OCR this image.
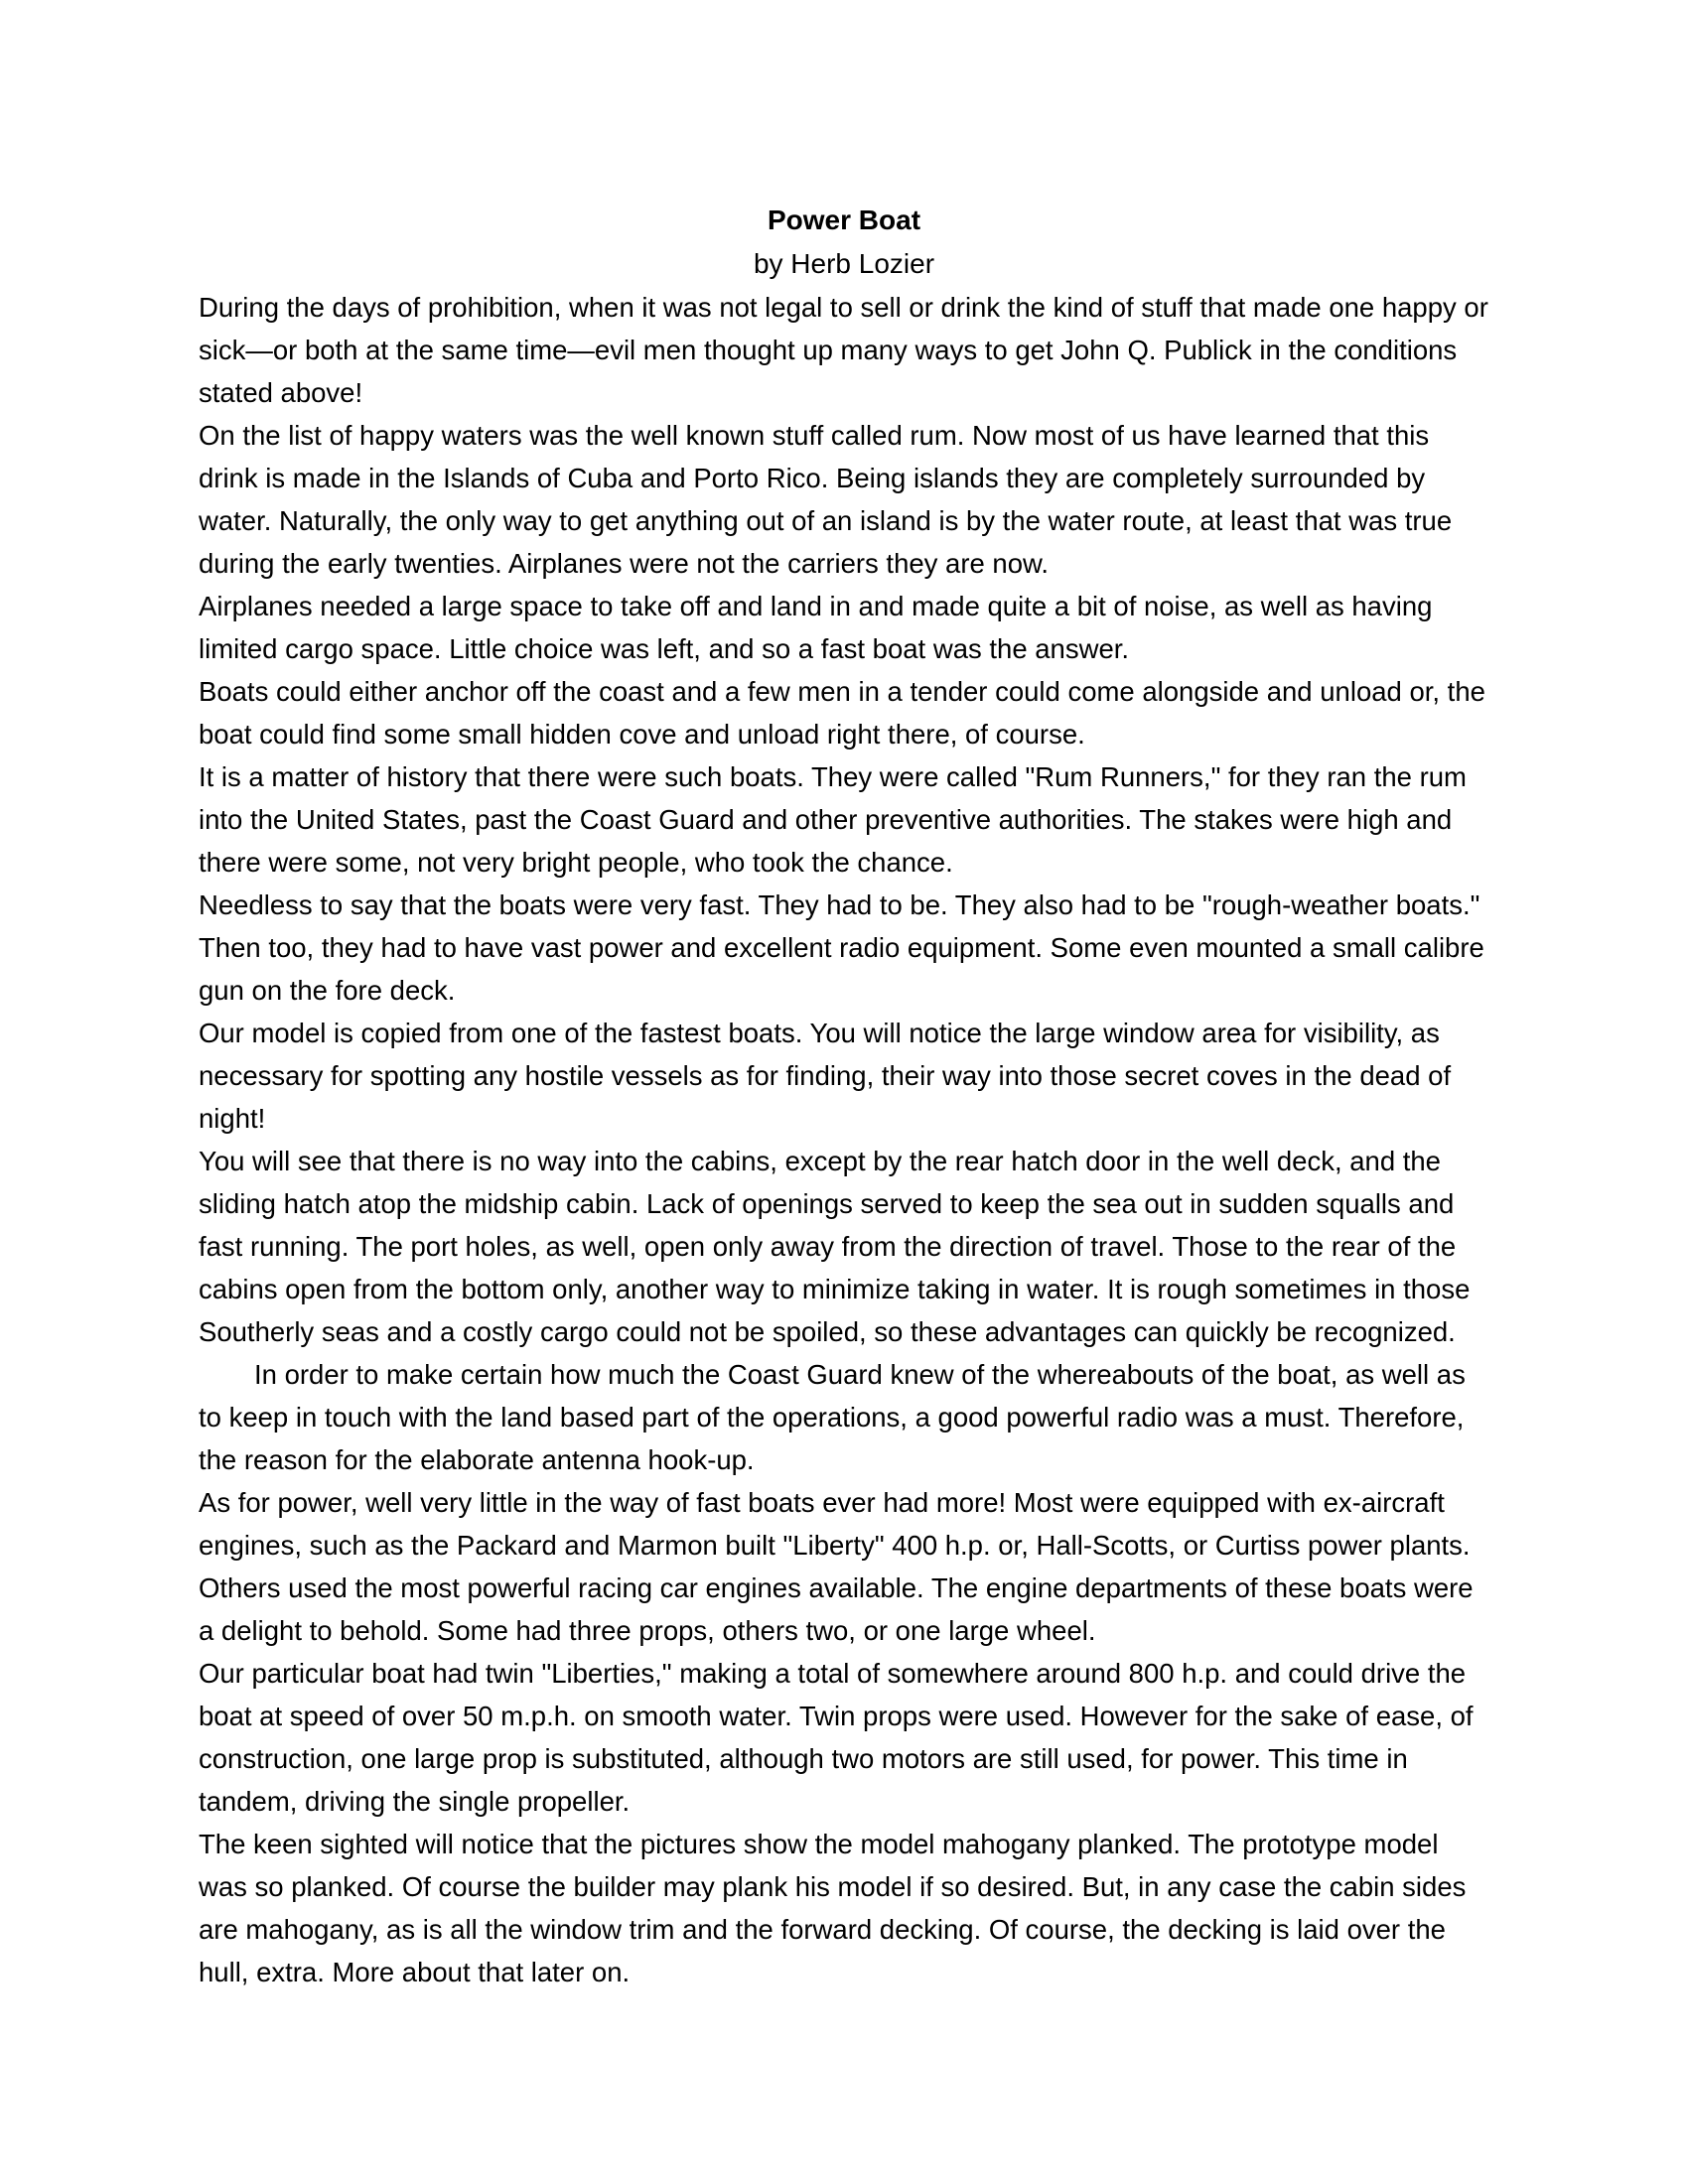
Power Boat
by Herb Lozier

During the days of prohibition, when it was not legal to sell or drink the kind of stuff that made one happy or sick—or both at the same time—evil men thought up many ways to get John Q. Publick in the conditions stated above!

On the list of happy waters was the well known stuff called rum. Now most of us have learned that this drink is made in the Islands of Cuba and Porto Rico. Being islands they are completely surrounded by water. Naturally, the only way to get anything out of an island is by the water route, at least that was true during the early twenties. Airplanes were not the carriers they are now.

Airplanes needed a large space to take off and land in and made quite a bit of noise, as well as having limited cargo space. Little choice was left, and so a fast boat was the answer.

Boats could either anchor off the coast and a few men in a tender could come alongside and unload or, the boat could find some small hidden cove and unload right there, of course.

It is a matter of history that there were such boats. They were called "Rum Runners," for they ran the rum into the United States, past the Coast Guard and other preventive authorities. The stakes were high and there were some, not very bright people, who took the chance.

Needless to say that the boats were very fast. They had to be. They also had to be "rough-weather boats." Then too, they had to have vast power and excellent radio equipment. Some even mounted a small calibre gun on the fore deck.

Our model is copied from one of the fastest boats. You will notice the large window area for visibility, as necessary for spotting any hostile vessels as for finding, their way into those secret coves in the dead of night!

You will see that there is no way into the cabins, except by the rear hatch door in the well deck, and the sliding hatch atop the midship cabin. Lack of openings served to keep the sea out in sudden squalls and fast running. The port holes, as well, open only away from the direction of travel. Those to the rear of the cabins open from the bottom only, another way to minimize taking in water. It is rough sometimes in those Southerly seas and a costly cargo could not be spoiled, so these advantages can quickly be recognized.In order to make certain how much the Coast Guard knew of the whereabouts of the boat, as well as to keep in touch with the land based part of the operations, a good powerful radio was a must. Therefore, the reason for the elaborate antenna hook-up.

As for power, well very little in the way of fast boats ever had more! Most were equipped with ex-aircraft engines, such as the Packard and Marmon built "Liberty" 400 h.p. or, Hall-Scotts, or Curtiss power plants. Others used the most powerful racing car engines available. The engine departments of these boats were a delight to behold. Some had three props, others two, or one large wheel.

Our particular boat had twin "Liberties," making a total of somewhere around 800 h.p. and could drive the boat at speed of over 50 m.p.h. on smooth water. Twin props were used. However for the sake of ease, of construction, one large prop is substituted, although two motors are still used, for power. This time in tandem, driving the single propeller.

The keen sighted will notice that the pictures show the model mahogany planked. The prototype model was so planked. Of course the builder may plank his model if so desired. But, in any case the cabin sides are mahogany, as is all the window trim and the forward decking. Of course, the decking is laid over the hull, extra. More about that later on.
